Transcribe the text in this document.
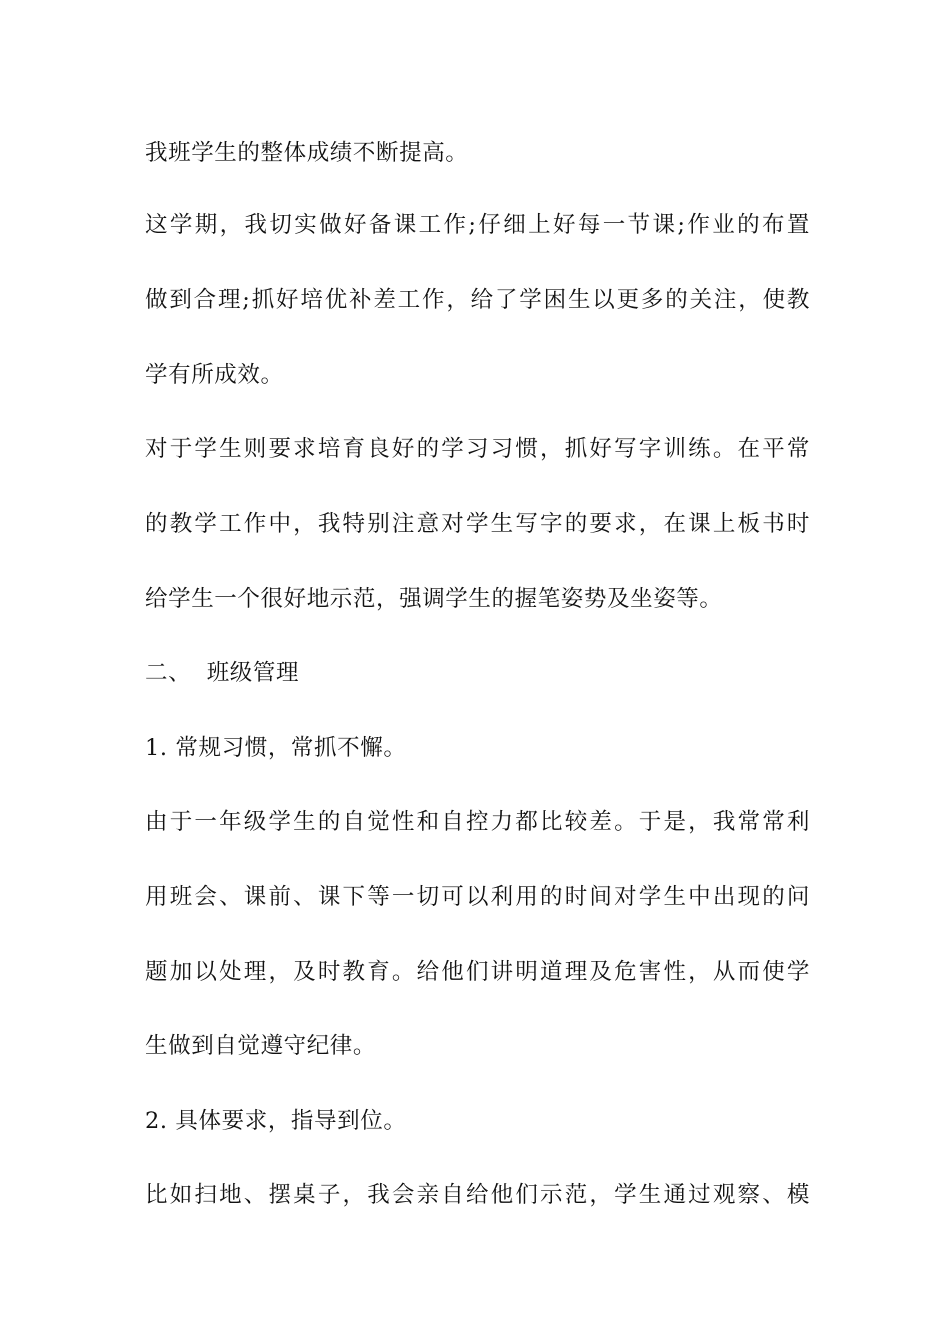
我班学生的整体成绩不断提高。
这学期，我切实做好备课工作;仔细上好每一节课;作业的布置
做到合理;抓好培优补差工作，给了学困生以更多的关注，使教
学有所成效。
对于学生则要求培育良好的学习习惯，抓好写字训练。在平常
的教学工作中，我特别注意对学生写字的要求，在课上板书时
给学生一个很好地示范，强调学生的握笔姿势及坐姿等。
二、  班级管理
1. 常规习惯，常抓不懈。
由于一年级学生的自觉性和自控力都比较差。于是，我常常利
用班会、课前、课下等一切可以利用的时间对学生中出现的问
题加以处理，及时教育。给他们讲明道理及危害性，从而使学
生做到自觉遵守纪律。
2. 具体要求，指导到位。
比如扫地、摆桌子，我会亲自给他们示范，学生通过观察、模
